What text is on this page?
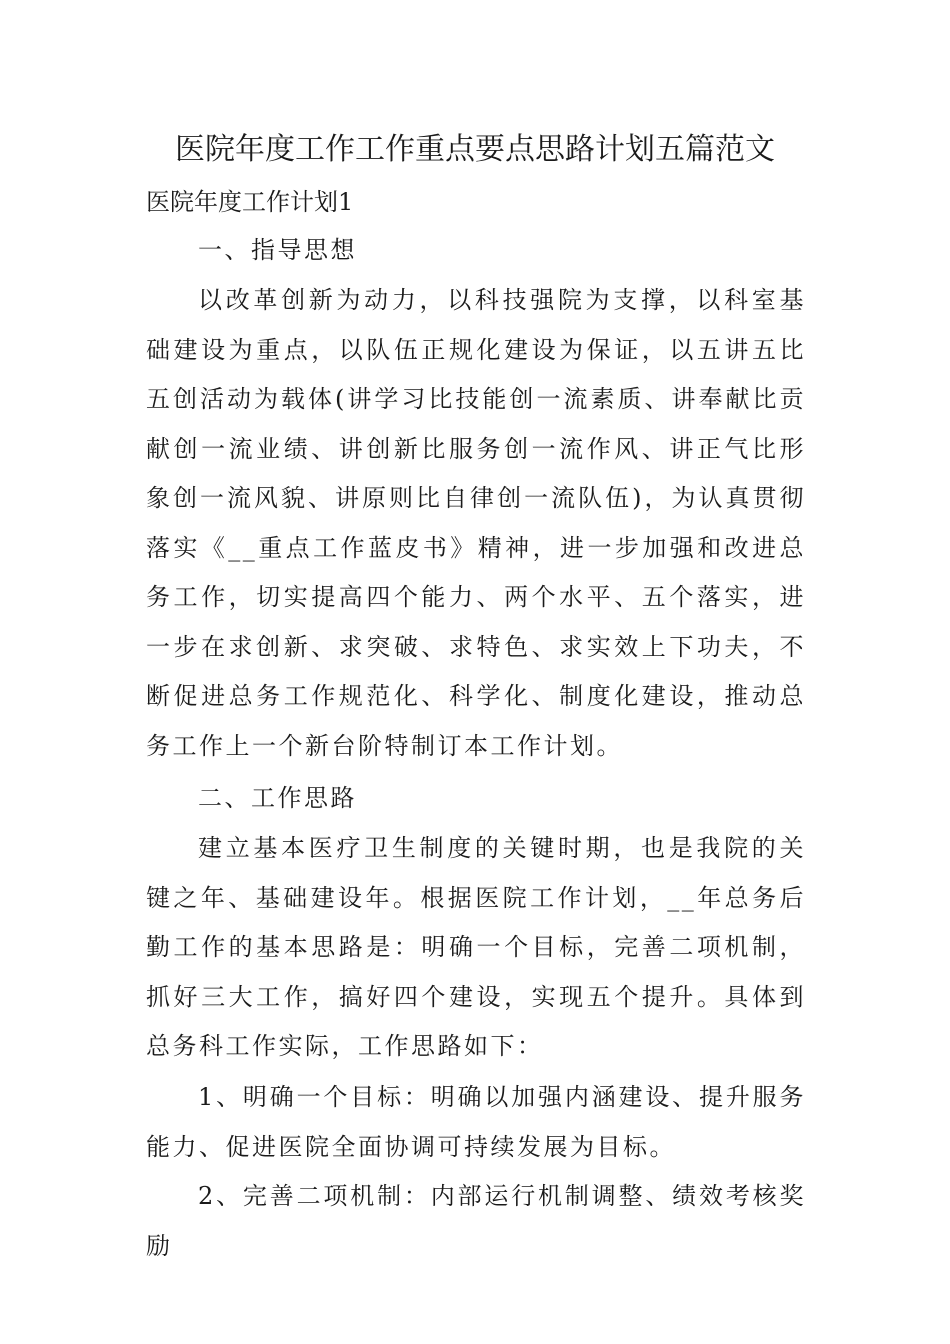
医院年度工作工作重点要点思路计划五篇范文

医院年度工作计划1

一、指导思想

以改革创新为动力，以科技强院为支撑，以科室基础建设为重点，以队伍正规化建设为保证，以五讲五比五创活动为载体(讲学习比技能创一流素质、讲奉献比贡献创一流业绩、讲创新比服务创一流作风、讲正气比形象创一流风貌、讲原则比自律创一流队伍)，为认真贯彻落实《__重点工作蓝皮书》精神，进一步加强和改进总务工作，切实提高四个能力、两个水平、五个落实，进一步在求创新、求突破、求特色、求实效上下功夫，不断促进总务工作规范化、科学化、制度化建设，推动总务工作上一个新台阶特制订本工作计划。

二、工作思路

建立基本医疗卫生制度的关键时期，也是我院的关键之年、基础建设年。根据医院工作计划，__年总务后勤工作的基本思路是：明确一个目标，完善二项机制，抓好三大工作，搞好四个建设，实现五个提升。具体到总务科工作实际，工作思路如下：

1、明确一个目标：明确以加强内涵建设、提升服务能力、促进医院全面协调可持续发展为目标。

2、完善二项机制：内部运行机制调整、绩效考核奖励
